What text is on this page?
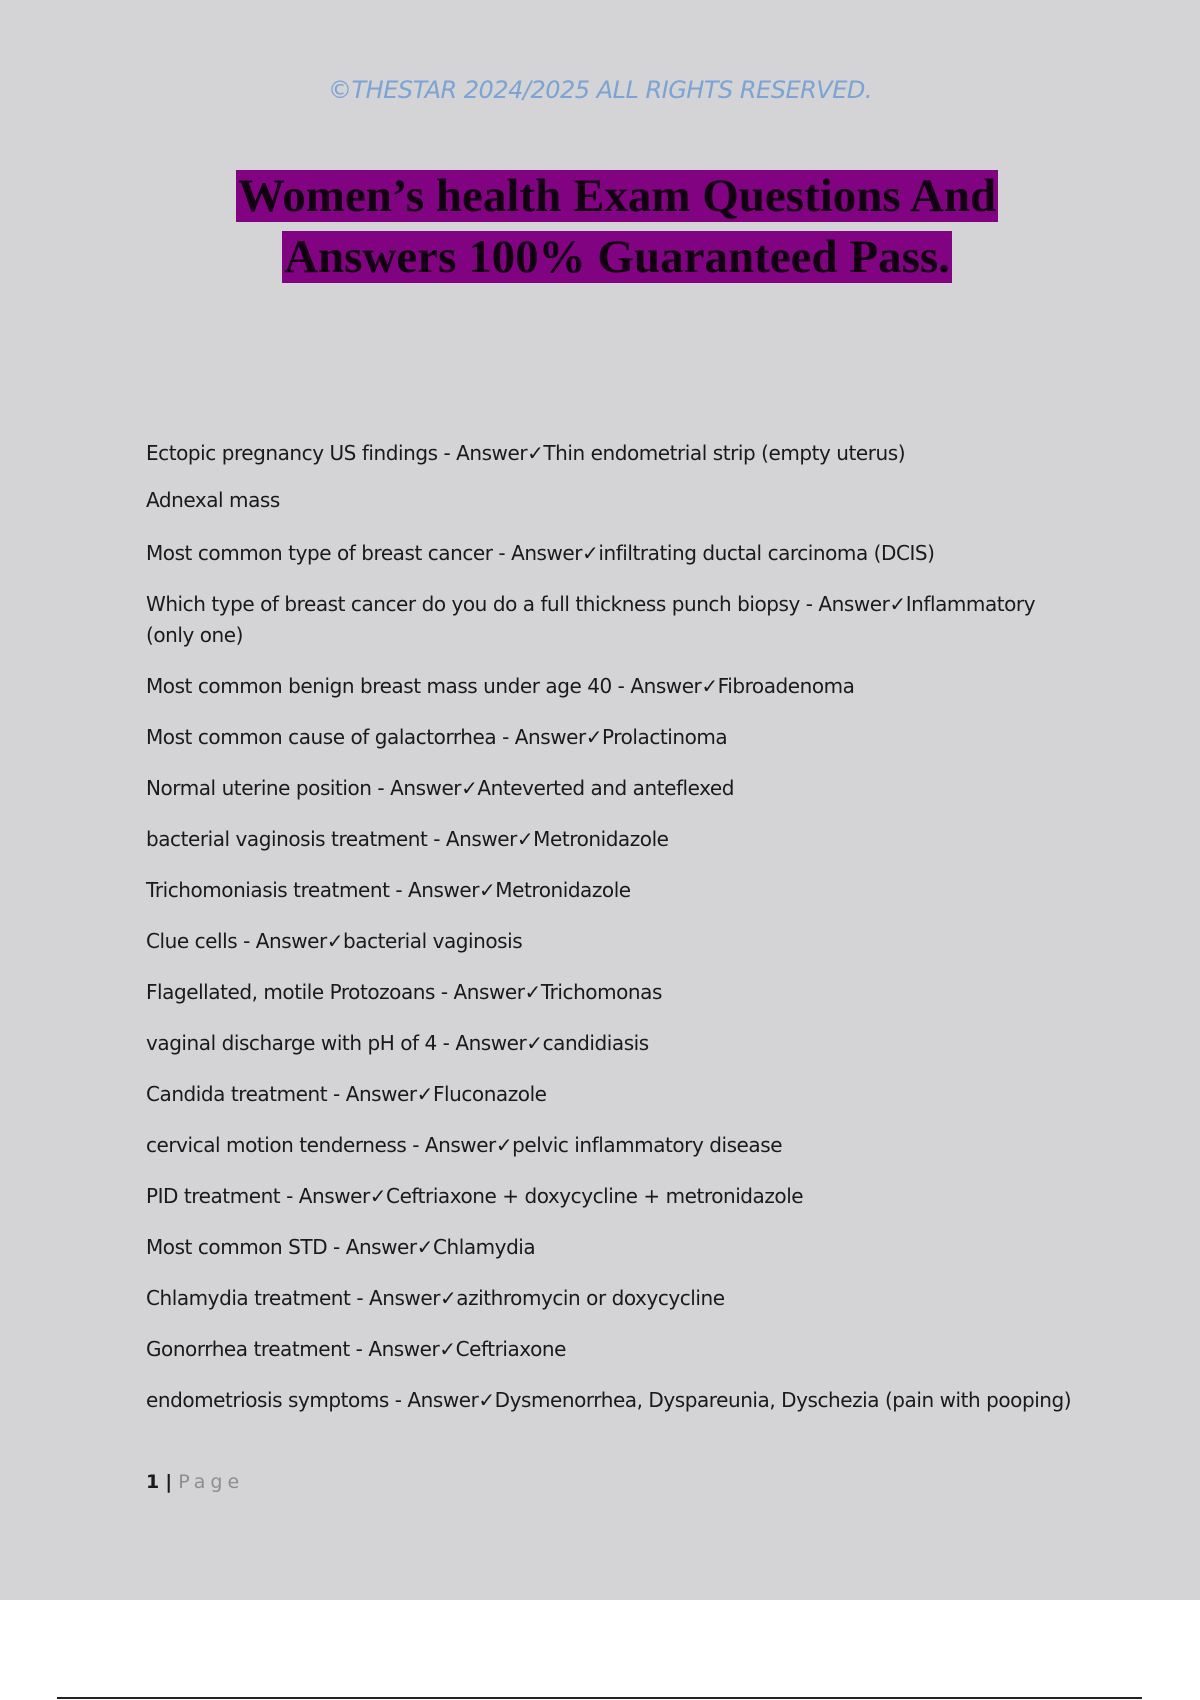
©THESTAR 2024/2025 ALL RIGHTS RESERVED.
Women’s health Exam Questions And
Answers 100% Guaranteed Pass.
Ectopic pregnancy US findings - Answer✓Thin endometrial strip (empty uterus)
Adnexal mass
Most common type of breast cancer - Answer✓infiltrating ductal carcinoma (DCIS)
Which type of breast cancer do you do a full thickness punch biopsy - Answer✓Inflammatory (only one)
Most common benign breast mass under age 40 - Answer✓Fibroadenoma
Most common cause of galactorrhea - Answer✓Prolactinoma
Normal uterine position - Answer✓Anteverted and anteflexed
bacterial vaginosis treatment - Answer✓Metronidazole
Trichomoniasis treatment - Answer✓Metronidazole
Clue cells - Answer✓bacterial vaginosis
Flagellated, motile Protozoans - Answer✓Trichomonas
vaginal discharge with pH of 4 - Answer✓candidiasis
Candida treatment - Answer✓Fluconazole
cervical motion tenderness - Answer✓pelvic inflammatory disease
PID treatment - Answer✓Ceftriaxone + doxycycline + metronidazole
Most common STD - Answer✓Chlamydia
Chlamydia treatment - Answer✓azithromycin or doxycycline
Gonorrhea treatment - Answer✓Ceftriaxone
endometriosis symptoms - Answer✓Dysmenorrhea, Dyspareunia, Dyschezia (pain with pooping)
1 | Page
